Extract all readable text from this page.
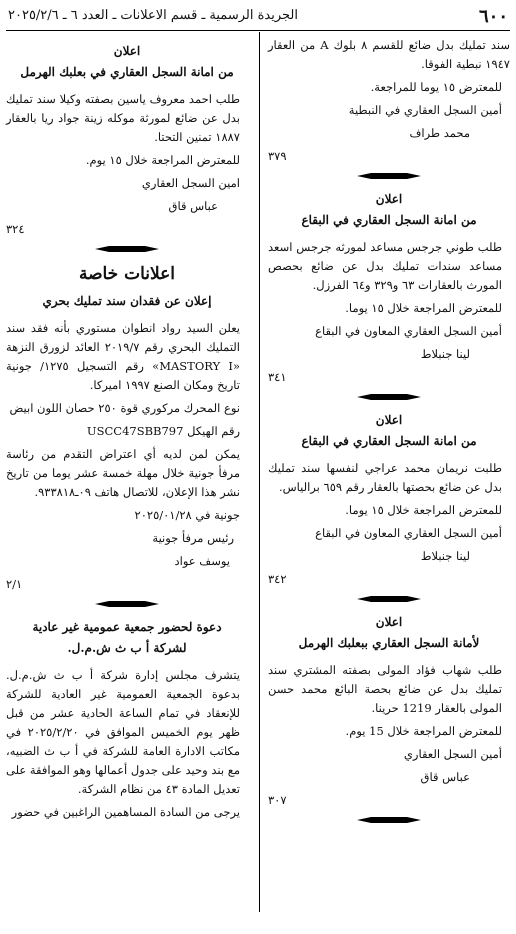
٦٠٠
الجريدة الرسمية ـ قسم الاعلانات ـ العدد ٦ ـ ٢٠٢٥/٢/٦

سند تمليك بدل ضائع للقسم ٨ بلوك A من العقار ١٩٤٧ نبطية الفوقا.

للمعترض ١٥ يوما للمراجعة.

أمين السجل العقاري في النبطية
محمد طراف
٣٧٩
اعلان
من امانة السجل العقاري في البقاع

طلب طوني جرجس مساعد لمورثه جرجس اسعد مساعد سندات تمليك بدل عن ضائع بحصص المورث بالعقارات ٦٣ و٣٢٩ و٦٤ الفرزل.

للمعترض المراجعة خلال ١٥ يوما.

أمين السجل العقاري المعاون في البقاع
لينا جنبلاط
٣٤١
اعلان
من امانة السجل العقاري في البقاع

طلبت نريمان محمد عراجي لنفسها سند تمليك بدل عن ضائع بحصتها بالعقار رقم ٦٥٩ برالياس.

للمعترض المراجعة خلال ١٥ يوما.

أمين السجل العقاري المعاون في البقاع
لينا جنبلاط
٣٤٢
اعلان
لأمانة السجل العقاري ببعلبك الهرمل

طلب شهاب فؤاد المولى بصفته المشتري سند تمليك بدل عن ضائع بحصة البائع محمد حسن المولى بالعقار 1219 حرينا.

للمعترض المراجعة خلال 15 يوم.

أمين السجل العقاري
عباس قاق
٣٠٧
اعلان
من امانة السجل العقاري في بعلبك الهرمل

طلب احمد معروف ياسين بصفته وكيلا سند تمليك بدل عن ضائع لمورثة موكله زينة جواد ريا بالعقار ١٨٨٧ تمنين التحتا.

للمعترض المراجعة خلال ١٥ يوم.

امين السجل العقاري
عباس قاق
٣٢٤
اعلانات خاصة
إعلان عن فقدان سند تمليك بحري

يعلن السيد رواد انطوان مستوري بأنه فقد سند التمليك البحري رقم ٢٠١٩/٧ العائد لزورق النزهة «MASTORY I» رقم التسجيل ١٢٧٥/ جونية تاريخ ومكان الصنع ١٩٩٧ اميركا.

نوع المحرك مركوري قوة ٢٥٠ حصان اللون ابيض

رقم الهيكل USCC47SBB797

يمكن لمن لديه أي اعتراض التقدم من رئاسة مرفأ جونية خلال مهلة خمسة عشر يوما من تاريخ نشر هذا الإعلان، للاتصال هاتف ٠٩ـ٩٣٣٨١٨.

جونية في ٢٠٢٥/٠١/٢٨
رئيس مرفأ جونية
يوسف عواد
٢/١
دعوة لحضور جمعية عمومية غير عادية
لشركة أ ب ث ش.م.ل.

يتشرف مجلس إدارة شركة أ ب ث ش.م.ل. بدعوة الجمعية العمومية غير العادية للشركة للإنعقاد في تمام الساعة الحادية عشر من قبل ظهر يوم الخميس الموافق في ٢٠٢٥/٢/٢٠ في مكاتب الادارة العامة للشركة في أ ب ث الضبيه، مع بند وحيد على جدول أعمالها وهو الموافقة على تعديل المادة ٤٣ من نظام الشركة.

يرجى من السادة المساهمين الراغبين في حضور
